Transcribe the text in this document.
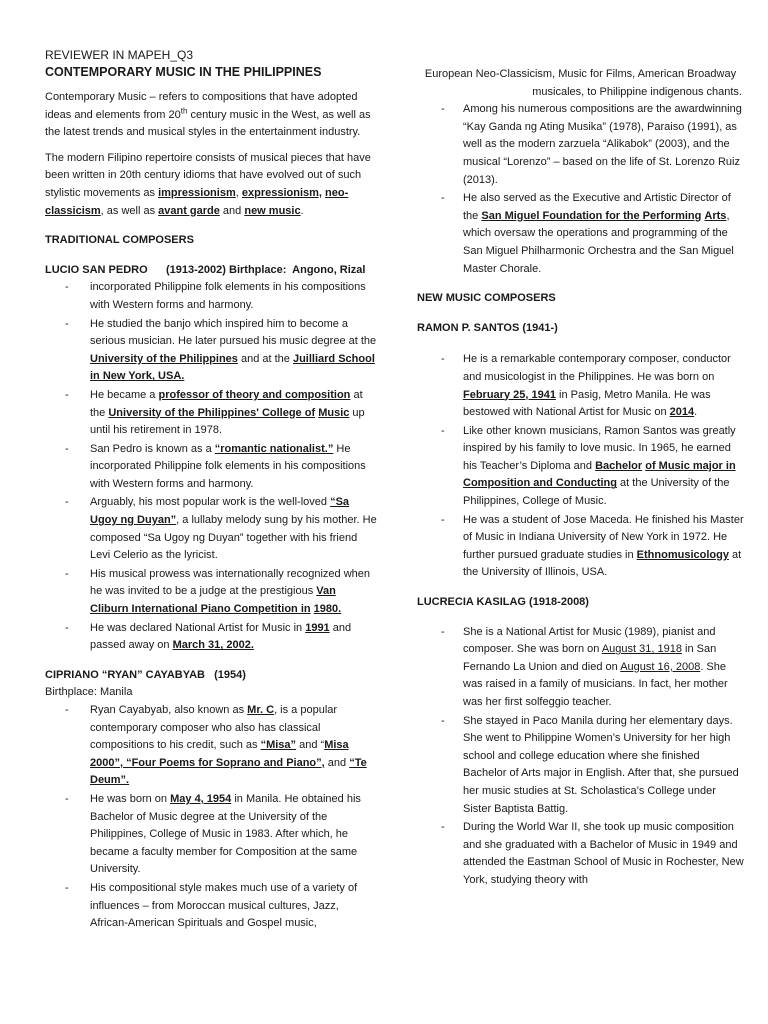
REVIEWER IN MAPEH_Q3
CONTEMPORARY MUSIC IN THE PHILIPPINES

Contemporary Music – refers to compositions that have adopted ideas and elements from 20th century music in the West, as well as the latest trends and musical styles in the entertainment industry.

The modern Filipino repertoire consists of musical pieces that have been written in 20th century idioms that have evolved out of such stylistic movements as impressionism, expressionism, neo-classicism, as well as avant garde and new music.

TRADITIONAL COMPOSERS
LUCIO SAN PEDRO      (1913-2002) Birthplace:  Angono, Rizal
- incorporated Philippine folk elements in his compositions with Western forms and harmony.
- He studied the banjo which inspired him to become a serious musician. He later pursued his music degree at the University of the Philippines and at the Juilliard School in New York, USA.
- He became a professor of theory and composition at the University of the Philippines' College of Music up until his retirement in 1978.
- San Pedro is known as a “romantic nationalist.” He incorporated Philippine folk elements in his compositions with Western forms and harmony.
- Arguably, his most popular work is the well-loved “Sa Ugoy ng Duyan”, a lullaby melody sung by his mother. He composed “Sa Ugoy ng Duyan” together with his friend Levi Celerio as the lyricist.
- His musical prowess was internationally recognized when he was invited to be a judge at the prestigious Van Cliburn International Piano Competition in 1980.
- He was declared National Artist for Music in 1991 and passed away on March 31, 2002.
CIPRIANO “RYAN” CAYABYAB   (1954)
Birthplace: Manila
- Ryan Cayabyab, also known as Mr. C, is a popular contemporary composer who also has classical compositions to his credit, such as “Misa” and “Misa 2000”, “Four Poems for Soprano and Piano”, and “Te Deum”.
- He was born on May 4, 1954 in Manila. He obtained his Bachelor of Music degree at the University of the Philippines, College of Music in 1983. After which, he became a faculty member for Composition at the same University.
- His compositional style makes much use of a variety of influences – from Moroccan musical cultures, Jazz, African-American Spirituals and Gospel music,
European Neo-Classicism, Music for Films, American Broadway
musicales, to Philippine indigenous chants.
- Among his numerous compositions are the awardwinning “Kay Ganda ng Ating Musika” (1978), Paraiso (1991), as well as the modern zarzuela “Alikabok” (2003), and the musical “Lorenzo” – based on the life of St. Lorenzo Ruiz (2013).
- He also served as the Executive and Artistic Director of the San Miguel Foundation for the Performing Arts, which oversaw the operations and programming of the San Miguel Philharmonic Orchestra and the San Miguel Master Chorale.
NEW MUSIC COMPOSERS
RAMON P. SANTOS (1941-)
- He is a remarkable contemporary composer, conductor and musicologist in the Philippines. He was born on February 25, 1941 in Pasig, Metro Manila. He was bestowed with National Artist for Music on 2014.
- Like other known musicians, Ramon Santos was greatly inspired by his family to love music. In 1965, he earned his Teacher’s Diploma and Bachelor of Music major in Composition and Conducting at the University of the Philippines, College of Music.
- He was a student of Jose Maceda. He finished his Master of Music in Indiana University of New York in 1972. He further pursued graduate studies in Ethnomusicology at the University of Illinois, USA.
LUCRECIA KASILAG (1918-2008)
- She is a National Artist for Music (1989), pianist and composer. She was born on August 31, 1918 in San Fernando La Union and died on August 16, 2008. She was raised in a family of musicians. In fact, her mother was her first solfeggio teacher.
- She stayed in Paco Manila during her elementary days. She went to Philippine Women’s University for her high school and college education where she finished Bachelor of Arts major in English. After that, she pursued her music studies at St. Scholastica’s College under Sister Baptista Battig.
- During the World War II, she took up music composition and she graduated with a Bachelor of Music in 1949 and attended the Eastman School of Music in Rochester, New York, studying theory with
